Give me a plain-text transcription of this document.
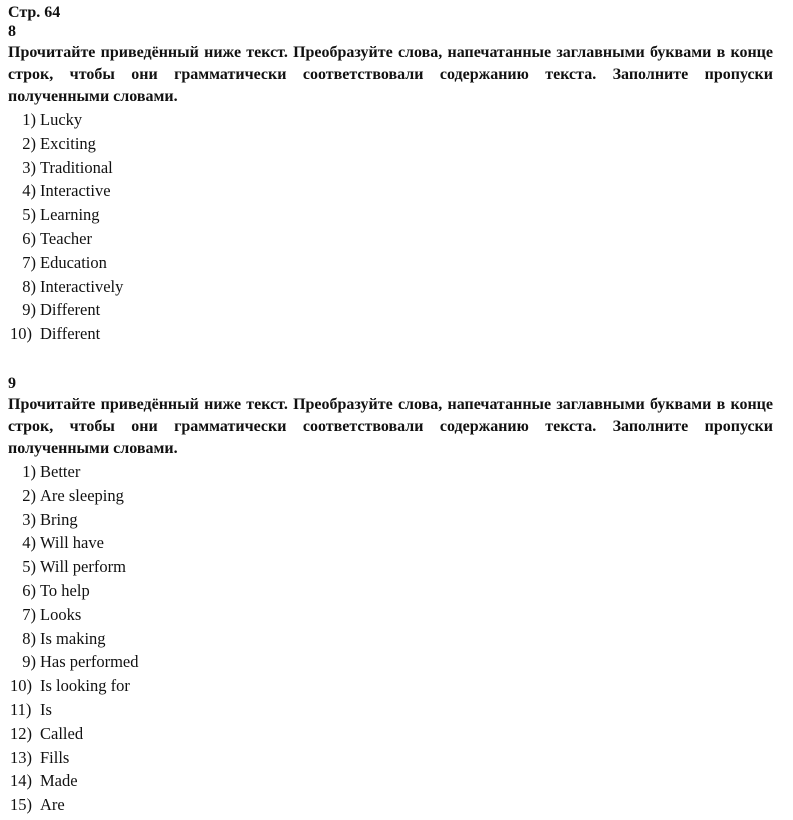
Стр. 64
8

Прочитайте приведённый ниже текст. Преобразуйте слова, напечатанные заглавными буквами в конце строк, чтобы они грамматически соответствовали содержанию текста. Заполните пропуски полученными словами.

1) Lucky
2) Exciting
3) Traditional
4) Interactive
5) Learning
6) Teacher
7) Education
8) Interactively
9) Different
10) Different
9

Прочитайте приведённый ниже текст. Преобразуйте слова, напечатанные заглавными буквами в конце строк, чтобы они грамматически соответствовали содержанию текста. Заполните пропуски полученными словами.

1) Better
2) Are sleeping
3) Bring
4) Will have
5) Will perform
6) To help
7) Looks
8) Is making
9) Has performed
10) Is looking for
11) Is
12) Called
13) Fills
14) Made
15) Are
